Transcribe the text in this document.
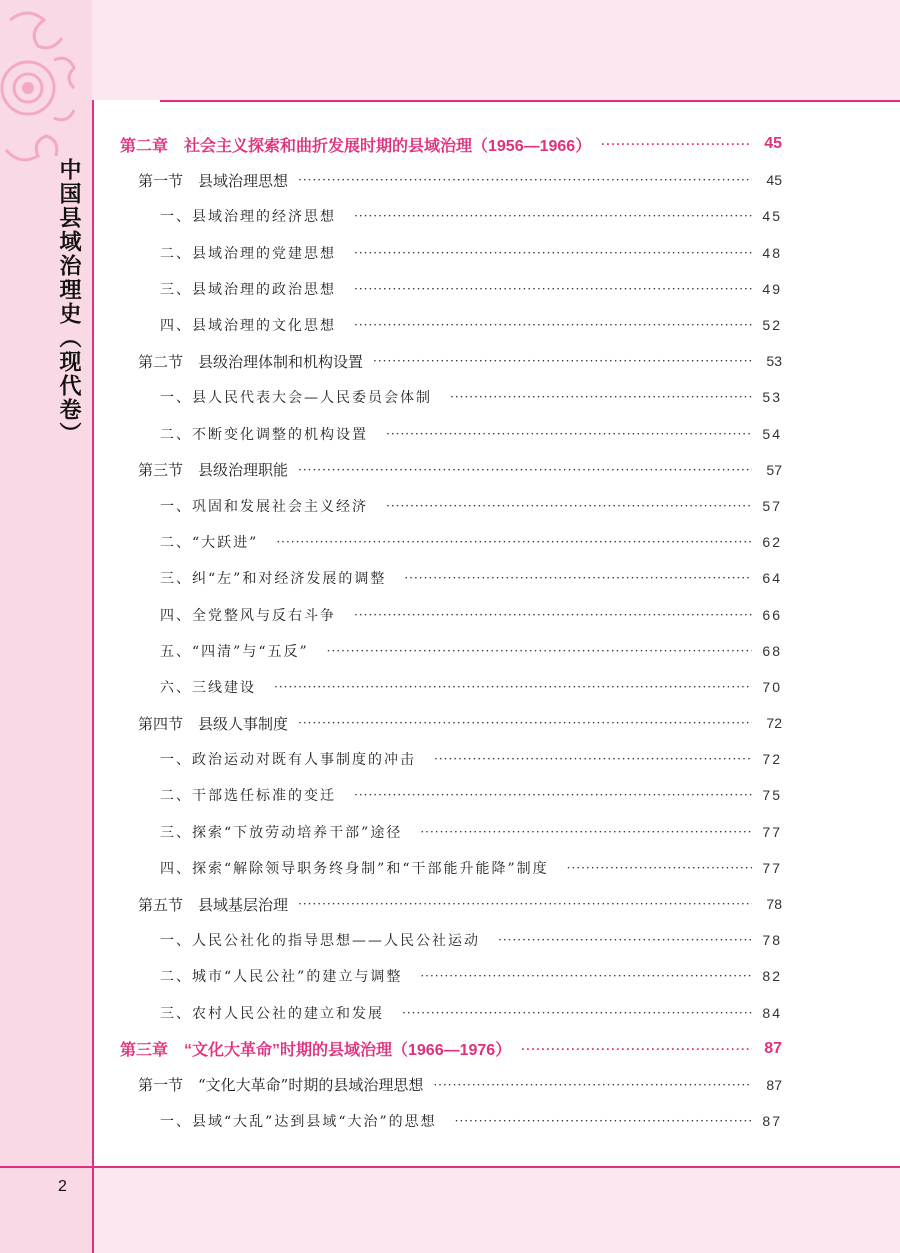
中国县域治理史（现代卷）
第二章　社会主义探索和曲折发展时期的县域治理（1956—1966） ·····	45
第一节　县域治理思想 ·····	45
一、县域治理的经济思想 ·····	45
二、县域治理的党建思想 ·····	48
三、县域治理的政治思想 ·····	49
四、县域治理的文化思想 ·····	52
第二节　县级治理体制和机构设置 ·····	53
一、县人民代表大会—人民委员会体制 ·····	53
二、不断变化调整的机构设置 ·····	54
第三节　县级治理职能 ·····	57
一、巩固和发展社会主义经济 ·····	57
二、“大跃进” ·····	62
三、纠“左”和对经济发展的调整 ·····	64
四、全党整风与反右斗争 ·····	66
五、“四清”与“五反” ·····	68
六、三线建设 ·····	70
第四节　县级人事制度 ·····	72
一、政治运动对既有人事制度的冲击 ·····	72
二、干部选任标准的变迁 ·····	75
三、探索“下放劳动培养干部”途径 ·····	77
四、探索“解除领导职务终身制”和“干部能升能降”制度 ·····	77
第五节　县域基层治理 ·····	78
一、人民公社化的指导思想——人民公社运动 ·····	78
二、城市“人民公社”的建立与调整 ·····	82
三、农村人民公社的建立和发展 ·····	84
第三章　“文化大革命”时期的县域治理（1966—1976） ·····	87
第一节　“文化大革命”时期的县域治理思想 ·····	87
一、县域“大乱”达到县域“大治”的思想 ·····	87
2
